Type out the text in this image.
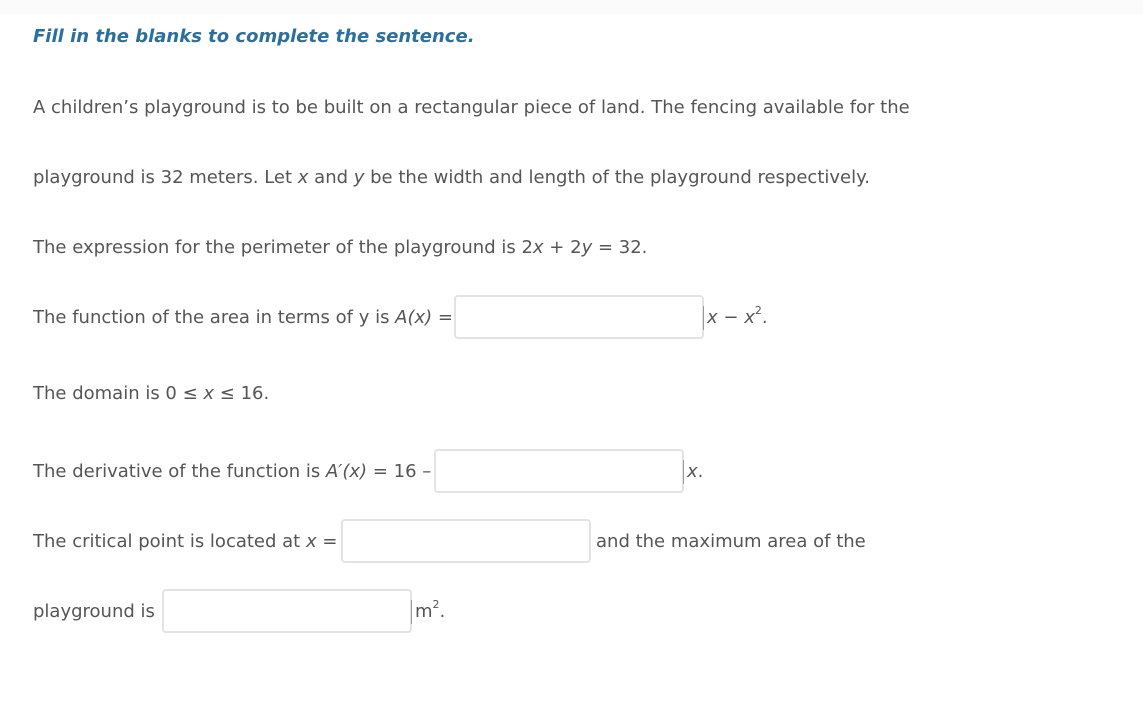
Fill in the blanks to complete the sentence.
A children’s playground is to be built on a rectangular piece of land. The fencing available for the
playground is 32 meters. Let x and y be the width and length of the playground respectively.
The expression for the perimeter of the playground is 2x + 2y = 32.
The function of the area in terms of y is A(x) =	$x - x^2$.
The domain is 0 ≤ x ≤ 16.
The derivative of the function is A′(x) = 16 –	x.
The critical point is located at x =	and the maximum area of the
playground is	$m^2$.
